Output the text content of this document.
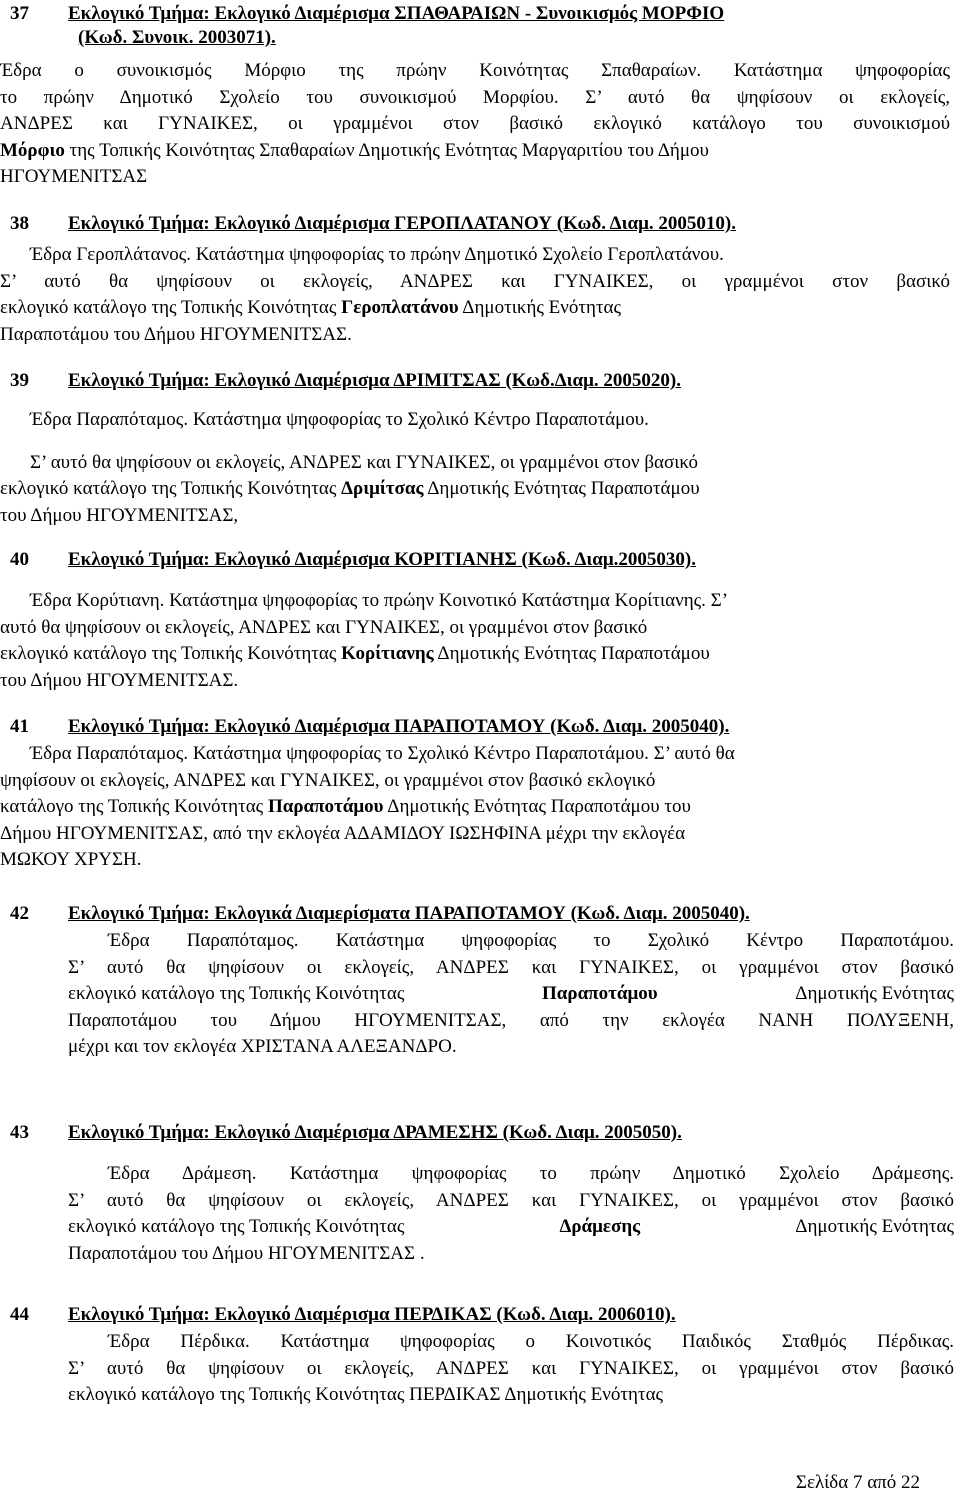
37 Εκλογικό Τμήμα: Εκλογικό Διαμέρισμα ΣΠΑΘΑΡΑΙΩΝ - Συνοικισμός ΜΟΡΦΙΟ
(Κωδ. Συνοικ. 2003071).
Έδρα ο συνοικισμός Μόρφιο της πρώην Κοινότητας Σπαθαραίων. Κατάστημα ψηφοφορίας
το πρώην Δημοτικό Σχολείο του συνοικισμού Μορφίου. Σ’ αυτό θα ψηφίσουν οι εκλογείς,
ΑΝΔΡΕΣ και ΓΥΝΑΙΚΕΣ, οι γραμμένοι στον βασικό εκλογικό κατάλογο του συνοικισμού
Μόρφιο της Τοπικής Κοινότητας Σπαθαραίων Δημοτικής Ενότητας Μαργαριτίου του Δήμου
ΗΓΟΥΜΕΝΙΤΣΑΣ
38 Εκλογικό Τμήμα: Εκλογικό Διαμέρισμα ΓΕΡΟΠΛΑΤΑΝΟΥ (Κωδ. Διαμ. 2005010).
Έδρα Γεροπλάτανος. Κατάστημα ψηφοφορίας το πρώην Δημοτικό Σχολείο Γεροπλατάνου.
Σ’ αυτό θα ψηφίσουν οι εκλογείς, ΑΝΔΡΕΣ και ΓΥΝΑΙΚΕΣ, οι γραμμένοι στον βασικό
εκλογικό κατάλογο της Τοπικής Κοινότητας Γεροπλατάνου Δημοτικής Ενότητας
Παραποτάμου του Δήμου ΗΓΟΥΜΕΝΙΤΣΑΣ.
39 Εκλογικό Τμήμα: Εκλογικό Διαμέρισμα ΔΡΙΜΙΤΣΑΣ (Κωδ.Διαμ. 2005020).
Έδρα Παραπόταμος. Κατάστημα ψηφοφορίας το Σχολικό Κέντρο Παραποτάμου.
Σ’ αυτό θα ψηφίσουν οι εκλογείς, ΑΝΔΡΕΣ και ΓΥΝΑΙΚΕΣ, οι γραμμένοι στον βασικό
εκλογικό κατάλογο της Τοπικής Κοινότητας Δριμίτσας Δημοτικής Ενότητας Παραποτάμου
του Δήμου ΗΓΟΥΜΕΝΙΤΣΑΣ,
40 Εκλογικό Τμήμα: Εκλογικό Διαμέρισμα ΚΟΡΙΤΙΑΝΗΣ (Κωδ. Διαμ.2005030).
Έδρα Κορύτιανη. Κατάστημα ψηφοφορίας το πρώην Κοινοτικό Κατάστημα Κορίτιανης. Σ’
αυτό θα ψηφίσουν οι εκλογείς, ΑΝΔΡΕΣ και ΓΥΝΑΙΚΕΣ, οι γραμμένοι στον βασικό
εκλογικό κατάλογο της Τοπικής Κοινότητας Κορίτιανης Δημοτικής Ενότητας Παραποτάμου
του Δήμου ΗΓΟΥΜΕΝΙΤΣΑΣ.
41 Εκλογικό Τμήμα: Εκλογικό Διαμέρισμα ΠΑΡΑΠΟΤΑΜΟΥ (Κωδ. Διαμ. 2005040).
Έδρα Παραπόταμος. Κατάστημα ψηφοφορίας το Σχολικό Κέντρο Παραποτάμου. Σ’ αυτό θα
ψηφίσουν οι εκλογείς, ΑΝΔΡΕΣ και ΓΥΝΑΙΚΕΣ, οι γραμμένοι στον βασικό εκλογικό
κατάλογο της Τοπικής Κοινότητας Παραποτάμου Δημοτικής Ενότητας Παραποτάμου του
Δήμου ΗΓΟΥΜΕΝΙΤΣΑΣ, από την εκλογέα ΑΔΑΜΙΔΟΥ ΙΩΣΗΦΙΝΑ μέχρι την εκλογέα
ΜΩΚΟΥ ΧΡΥΣΗ.
42 Εκλογικό Τμήμα: Εκλογικά Διαμερίσματα ΠΑΡΑΠΟΤΑΜΟΥ (Κωδ. Διαμ. 2005040).
Έδρα Παραπόταμος. Κατάστημα ψηφοφορίας το Σχολικό Κέντρο Παραποτάμου.
Σ’ αυτό θα ψηφίσουν οι εκλογείς, ΑΝΔΡΕΣ και ΓΥΝΑΙΚΕΣ, οι γραμμένοι στον βασικό
εκλογικό κατάλογο της Τοπικής Κοινότητας	Παραποτάμου	Δημοτικής Ενότητας
Παραποτάμου του Δήμου ΗΓΟΥΜΕΝΙΤΣΑΣ, από την εκλογέα ΝΑΝΗ ΠΟΛΥΞΕΝΗ,
μέχρι και τον εκλογέα ΧΡΙΣΤΑΝΑ ΑΛΕΞΑΝΔΡΟ.
43 Εκλογικό Τμήμα: Εκλογικό Διαμέρισμα ΔΡΑΜΕΣΗΣ (Κωδ. Διαμ. 2005050).
Έδρα Δράμεση. Κατάστημα ψηφοφορίας το πρώην Δημοτικό Σχολείο Δράμεσης.
Σ’ αυτό θα ψηφίσουν οι εκλογείς, ΑΝΔΡΕΣ και ΓΥΝΑΙΚΕΣ, οι γραμμένοι στον βασικό
εκλογικό κατάλογο της Τοπικής Κοινότητας	Δράμεσης	Δημοτικής Ενότητας
Παραποτάμου του Δήμου ΗΓΟΥΜΕΝΙΤΣΑΣ .
44 Εκλογικό Τμήμα: Εκλογικό Διαμέρισμα ΠΕΡΔΙΚΑΣ (Κωδ. Διαμ. 2006010).
Έδρα Πέρδικα. Κατάστημα ψηφοφορίας ο Κοινοτικός Παιδικός Σταθμός Πέρδικας.
Σ’ αυτό θα ψηφίσουν οι εκλογείς, ΑΝΔΡΕΣ και ΓΥΝΑΙΚΕΣ, οι γραμμένοι στον βασικό
εκλογικό κατάλογο της Τοπικής Κοινότητας ΠΕΡΔΙΚΑΣ Δημοτικής Ενότητας
Σελίδα 7 από 22
